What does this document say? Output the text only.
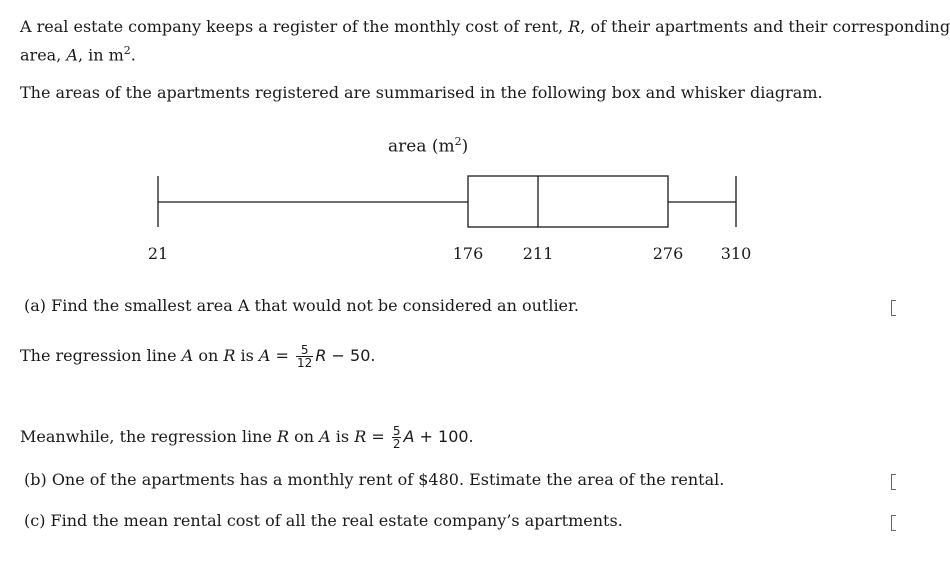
A real estate company keeps a register of the monthly cost of rent, R, of their apartments and their corresponding
area, A, in $m^2$.
The areas of the apartments registered are summarised in the following box and whisker diagram.
area $(m^2)$
21	176 211	276 310
(a) Find the smallest area A that would not be considered an outlier.
The regression line A on R is $A = \frac{5}{12}$ R − 50.
Meanwhile, the regression line R on A is $R = \frac{5}{2}$ A + 100.
(b) One of the apartments has a monthly rent of $480. Estimate the area of the rental.
(c) Find the mean rental cost of all the real estate company’s apartments.
